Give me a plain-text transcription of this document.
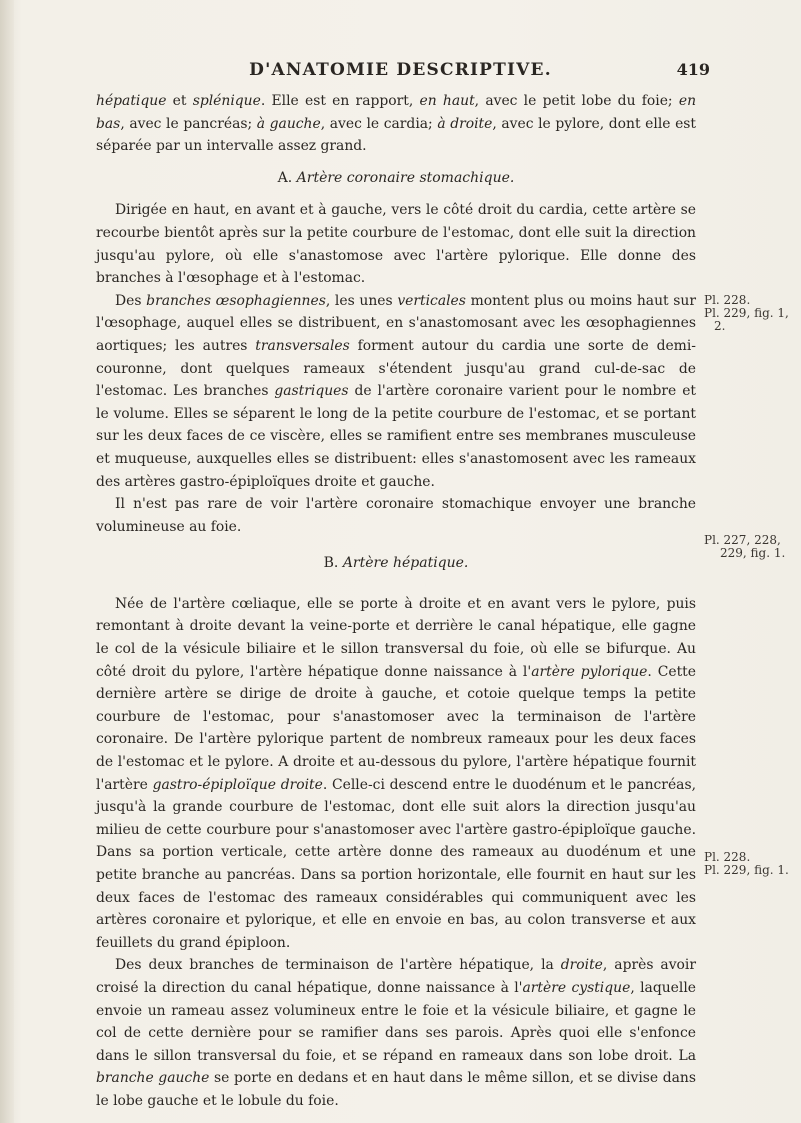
D'ANATOMIE DESCRIPTIVE.	419

hépatique et splénique. Elle est en rapport, en haut, avec le petit lobe du foie; en bas, avec le pancréas; à gauche, avec le cardia; à droite, avec le pylore, dont elle est séparée par un intervalle assez grand.

A. Artère coronaire stomachique.

Dirigée en haut, en avant et à gauche, vers le côté droit du cardia, cette artère se recourbe bientôt après sur la petite courbure de l'estomac, dont elle suit la direction jusqu'au pylore, où elle s'anastomose avec l'artère pylorique. Elle donne des branches à l'œsophage et à l'estomac.

Des branches œsophagiennes, les unes verticales montent plus ou moins haut sur l'œsophage, auquel elles se distribuent, en s'anastomosant avec les œsophagiennes aortiques; les autres transversales forment autour du cardia une sorte de demi-couronne, dont quelques rameaux s'étendent jusqu'au grand cul-de-sac de l'estomac. Les branches gastriques de l'artère coronaire varient pour le nombre et le volume. Elles se séparent le long de la petite courbure de l'estomac, et se portant sur les deux faces de ce viscère, elles se ramifient entre ses membranes musculeuse et muqueuse, auxquelles elles se distribuent: elles s'anastomosent avec les rameaux des artères gastro-épiploïques droite et gauche.

Il n'est pas rare de voir l'artère coronaire stomachique envoyer une branche volumineuse au foie.

B. Artère hépatique.

Née de l'artère cœliaque, elle se porte à droite et en avant vers le pylore, puis remontant à droite devant la veine-porte et derrière le canal hépatique, elle gagne le col de la vésicule biliaire et le sillon transversal du foie, où elle se bifurque. Au côté droit du pylore, l'artère hépatique donne naissance à l'artère pylorique. Cette dernière artère se dirige de droite à gauche, et cotoie quelque temps la petite courbure de l'estomac, pour s'anastomoser avec la terminaison de l'artère coronaire. De l'artère pylorique partent de nombreux rameaux pour les deux faces de l'estomac et le pylore. A droite et au-dessous du pylore, l'artère hépatique fournit l'artère gastro-épiploïque droite. Celle-ci descend entre le duodénum et le pancréas, jusqu'à la grande courbure de l'estomac, dont elle suit alors la direction jusqu'au milieu de cette courbure pour s'anastomoser avec l'artère gastro-épiploïque gauche. Dans sa portion verticale, cette artère donne des rameaux au duodénum et une petite branche au pancréas. Dans sa portion horizontale, elle fournit en haut sur les deux faces de l'estomac des rameaux considérables qui communiquent avec les artères coronaire et pylorique, et elle en envoie en bas, au colon transverse et aux feuillets du grand épiploon.

Des deux branches de terminaison de l'artère hépatique, la droite, après avoir croisé la direction du canal hépatique, donne naissance à l'artère cystique, laquelle envoie un rameau assez volumineux entre le foie et la vésicule biliaire, et gagne le col de cette dernière pour se ramifier dans ses parois. Après quoi elle s'enfonce dans le sillon transversal du foie, et se répand en rameaux dans son lobe droit. La branche gauche se porte en dedans et en haut dans le même sillon, et se divise dans le lobe gauche et le lobule du foie.

Pl. 228.
Pl. 229, fig. 1,
2.
Pl. 227, 228,
229, fig. 1.
Pl. 228.
Pl. 229, fig. 1.
